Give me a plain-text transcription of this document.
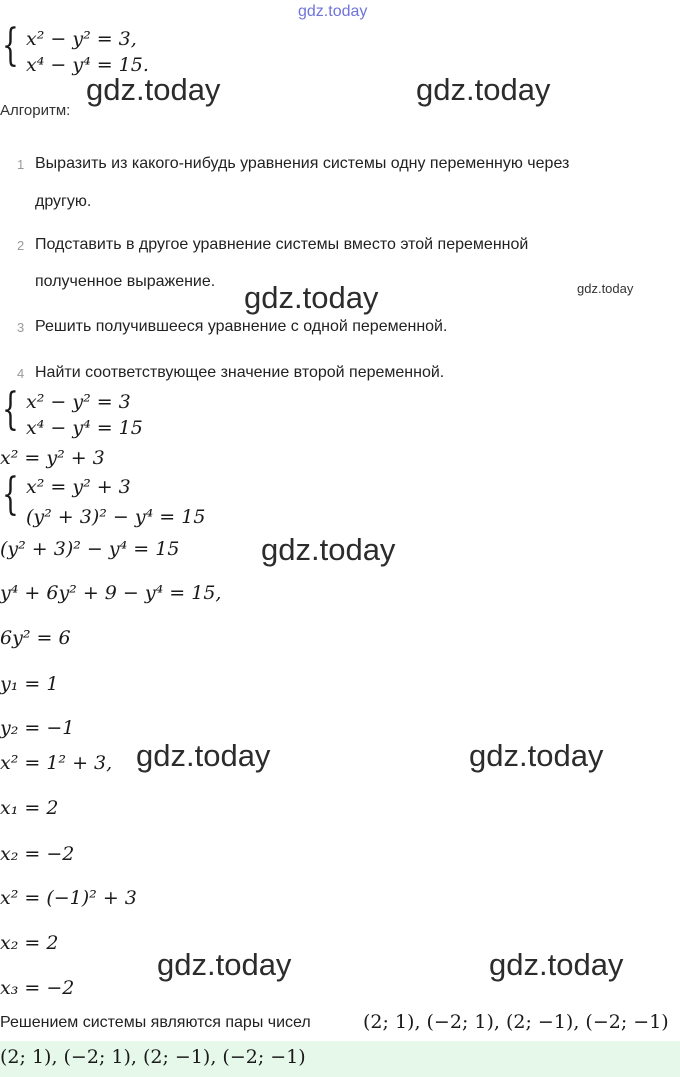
gdz.today
{ x² − y² = 3,
x⁴ − y⁴ = 15.
gdz.today	gdz.today
Алгоритм:
1 Выразить из какого-нибудь уравнения системы одну переменную через
другую.
2 Подставить в другое уравнение системы вместо этой переменной
полученное выражение. gdz.today	gdz.today
3 Решить получившееся уравнение с одной переменной.
4 Найти соответствующее значение второй переменной.
{ x² − y² = 3
x⁴ − y⁴ = 15
x² = y² + 3
{ x² = y² + 3
(y² + 3)² − y⁴ = 15
(y² + 3)² − y⁴ = 15	gdz.today
y⁴ + 6y² + 9 − y⁴ = 15,
6y² = 6
y₁ = 1
y₂ = −1
x² = 1² + 3, gdz.today	gdz.today
x₁ = 2
x₂ = −2
x² = (−1)² + 3
x₂ = 2
gdz.today	gdz.today
x₃ = −2
Решением системы являются пары чисел	(2; 1), (−2; 1), (2; −1), (−2; −1)
(2; 1), (−2; 1), (2; −1), (−2; −1)
